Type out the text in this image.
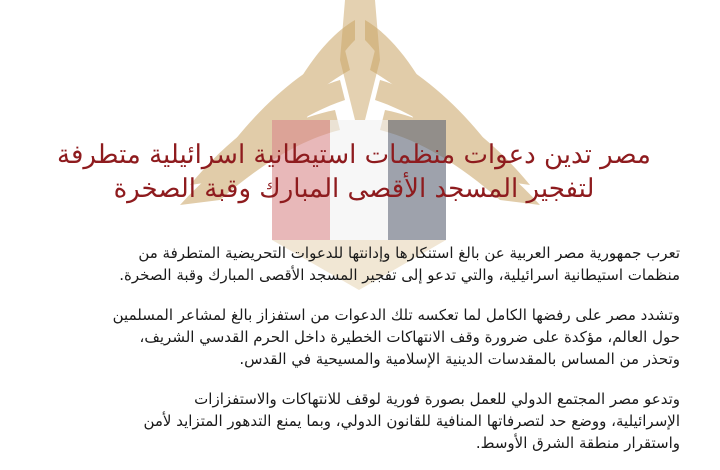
مصر تدين دعوات منظمات استيطانية اسرائيلية متطرفة
لتفجير المسجد الأقصى المبارك وقبة الصخرة

تعرب جمهورية مصر العربية عن بالغ استنكارها وإدانتها للدعوات التحريضية المتطرفة من
منظمات استيطانية اسرائيلية، والتي تدعو إلى تفجير المسجد الأقصى المبارك وقبة الصخرة.

وتشدد مصر على رفضها الكامل لما تعكسه تلك الدعوات من استفزاز بالغ لمشاعر المسلمين
حول العالم، مؤكدة على ضرورة وقف الانتهاكات الخطيرة داخل الحرم القدسي الشريف،
وتحذر من المساس بالمقدسات الدينية الإسلامية والمسيحية في القدس.

وتدعو مصر المجتمع الدولي للعمل بصورة فورية لوقف للانتهاكات والاستفزازات
الإسرائيلية، ووضع حد لتصرفاتها المنافية للقانون الدولي، وبما يمنع التدهور المتزايد لأمن
واستقرار منطقة الشرق الأوسط.
